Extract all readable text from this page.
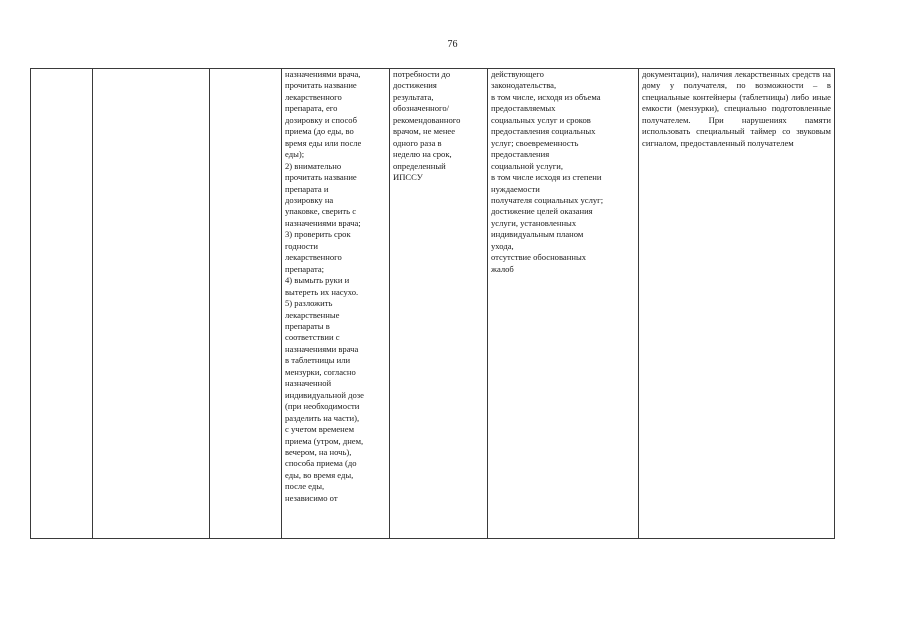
76

назначениями врача,
прочитать название
лекарственного
препарата, его
дозировку и способ
приема (до еды, во
время еды или после
еды);
2) внимательно
прочитать название
препарата и
дозировку на
упаковке, сверить с
назначениями врача;
3) проверить срок
годности
лекарственного
препарата;
4) вымыть руки и
вытереть их насухо.
5) разложить
лекарственные
препараты в
соответствии с
назначениями врача
в таблетницы или
мензурки, согласно
назначенной
индивидуальной дозе
(при необходимости
разделить на части),
с учетом временем
приема (утром, днем,
вечером, на ночь),
способа приема (до
еды, во время еды,
после еды,
независимо от

потребности до
достижения
результата,
обозначенного/
рекомендованного
врачом, не менее
одного раза в
неделю на срок,
определенный
ИПССУ

действующего
законодательства,
в том числе, исходя из объема
предоставляемых
социальных услуг и сроков
предоставления социальных
услуг; своевременность
предоставления
социальной услуги,
в том числе исходя из степени
нуждаемости
получателя социальных услуг;
достижение целей оказания
услуги, установленных
индивидуальным планом
ухода,
отсутствие обоснованных
жалоб

документации), наличия лекарственных средств на дому у получателя, по возможности – в специальные контейнеры (таблетницы) либо иные емкости (мензурки), специально подготовленные получателем. При нарушениях памяти использовать специальный таймер со звуковым сигналом, предоставленный получателем
